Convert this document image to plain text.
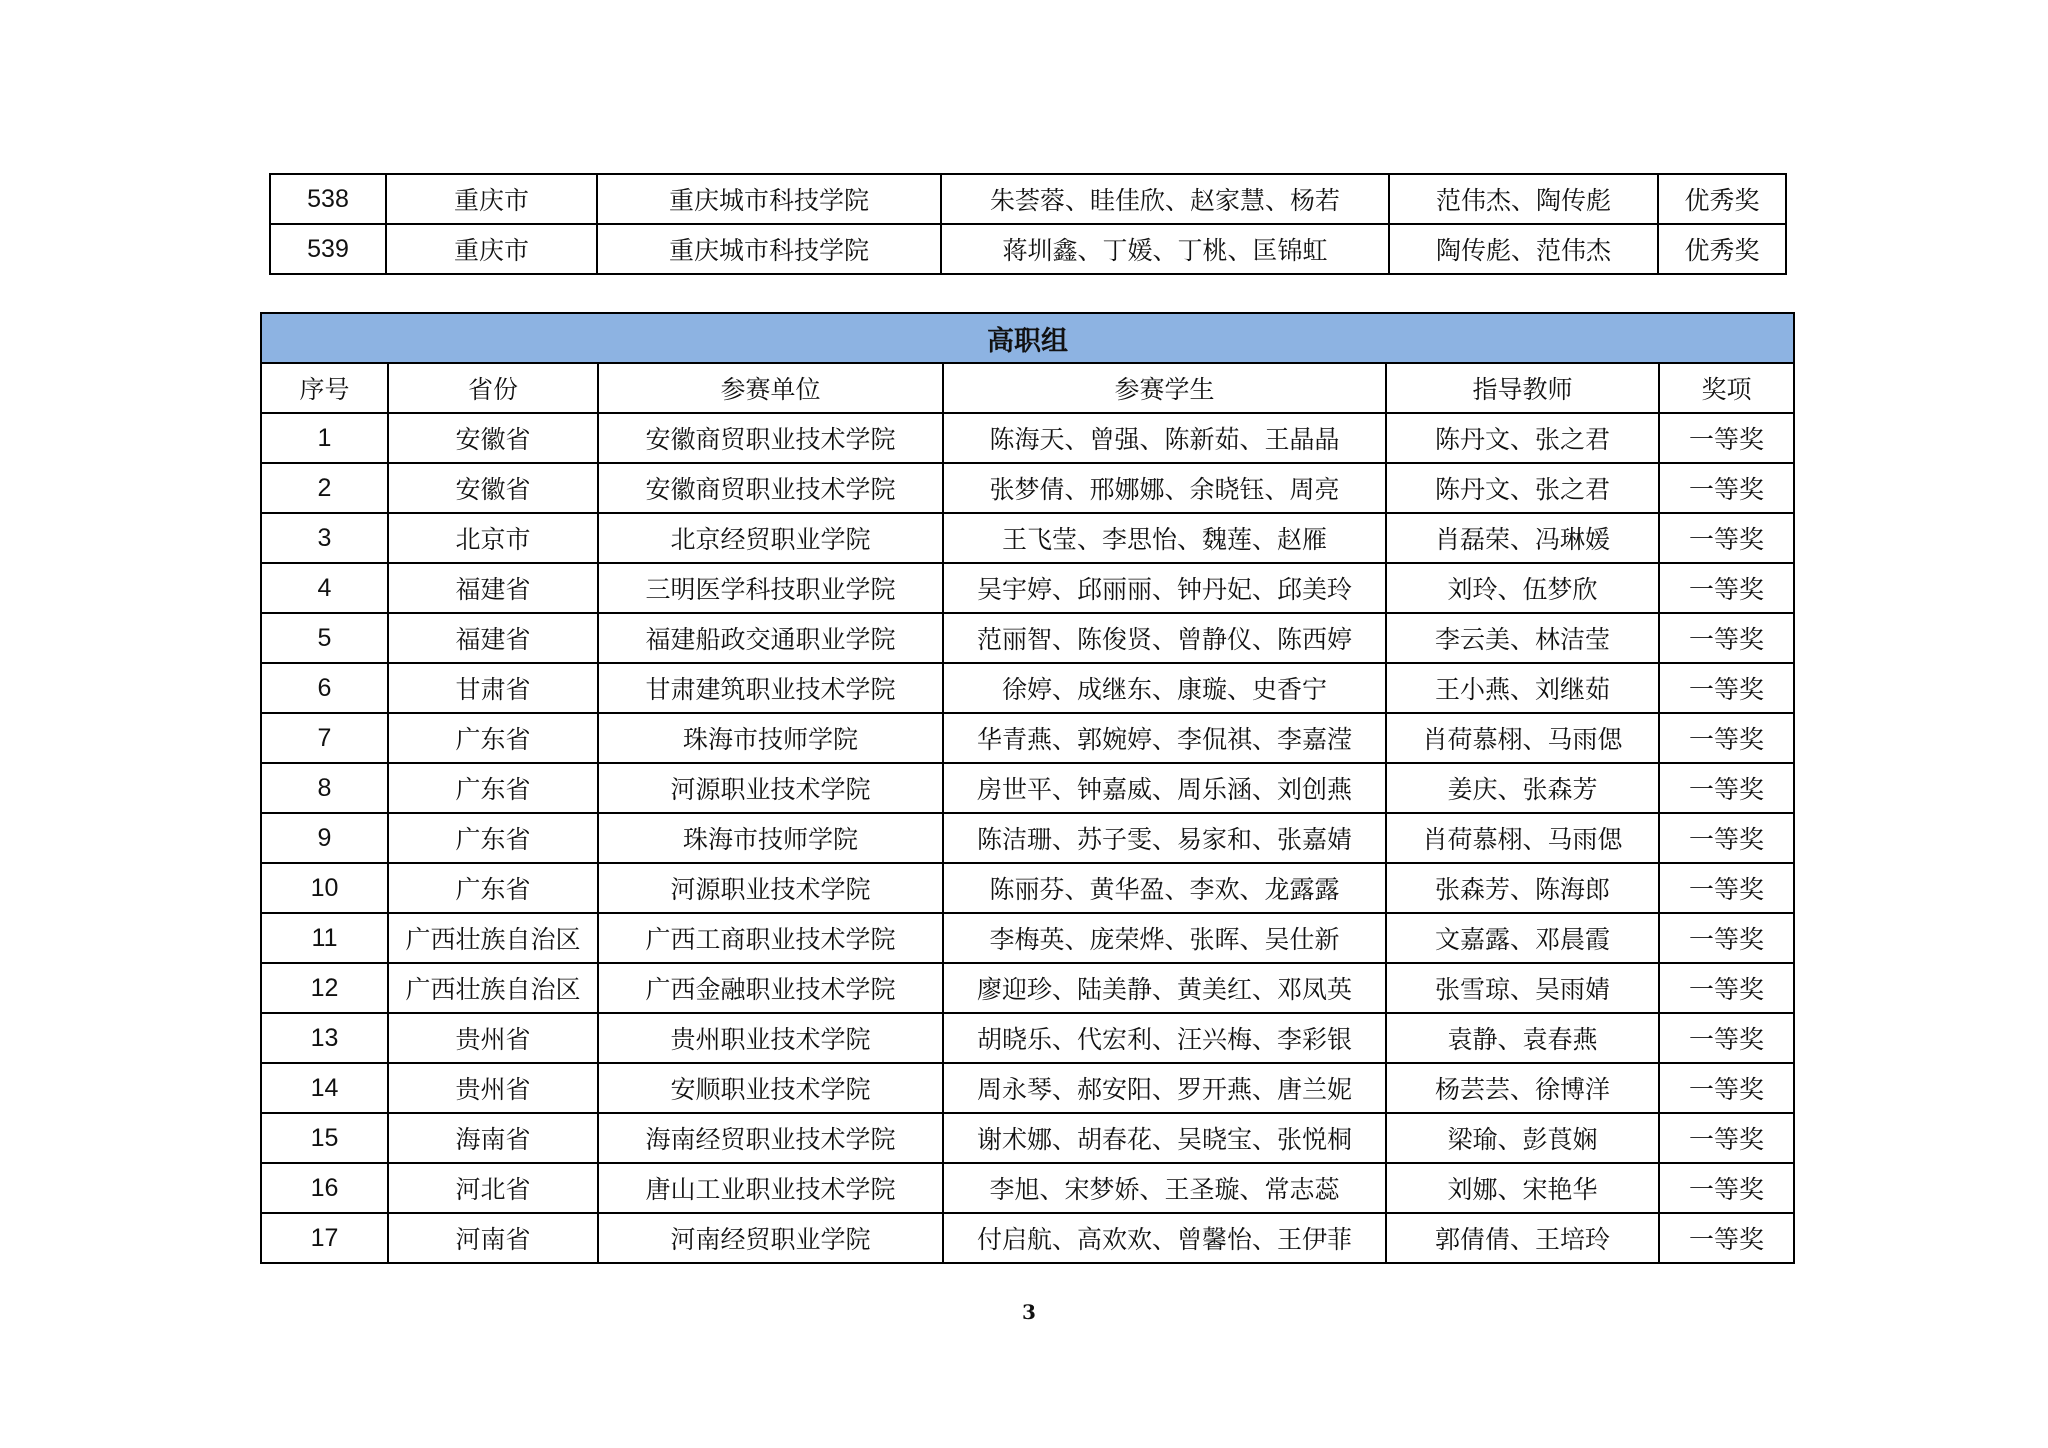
538	重庆市	重庆城市科技学院	朱荟蓉、眭佳欣、赵家慧、杨若	范伟杰、陶传彪	优秀奖
539	重庆市	重庆城市科技学院	蒋圳鑫、丁媛、丁桃、匡锦虹	陶传彪、范伟杰	优秀奖
高职组					
序号	省份	参赛单位	参赛学生	指导教师	奖项
1	安徽省	安徽商贸职业技术学院	陈海天、曾强、陈新茹、王晶晶	陈丹文、张之君	一等奖
2	安徽省	安徽商贸职业技术学院	张梦倩、邢娜娜、余晓钰、周亮	陈丹文、张之君	一等奖
3	北京市	北京经贸职业学院	王飞莹、李思怡、魏莲、赵雁	肖磊荣、冯琳媛	一等奖
4	福建省	三明医学科技职业学院	吴宇婷、邱丽丽、钟丹妃、邱美玲	刘玲、伍梦欣	一等奖
5	福建省	福建船政交通职业学院	范丽智、陈俊贤、曾静仪、陈西婷	李云美、林洁莹	一等奖
6	甘肃省	甘肃建筑职业技术学院	徐婷、成继东、康璇、史香宁	王小燕、刘继茹	一等奖
7	广东省	珠海市技师学院	华青燕、郭婉婷、李侃祺、李嘉滢	肖荷慕栩、马雨偲	一等奖
8	广东省	河源职业技术学院	房世平、钟嘉威、周乐涵、刘创燕	姜庆、张森芳	一等奖
9	广东省	珠海市技师学院	陈洁珊、苏子雯、易家和、张嘉婧	肖荷慕栩、马雨偲	一等奖
10	广东省	河源职业技术学院	陈丽芬、黄华盈、李欢、龙露露	张森芳、陈海郎	一等奖
11	广西壮族自治区	广西工商职业技术学院	李梅英、庞荣烨、张晖、吴仕新	文嘉露、邓晨霞	一等奖
12	广西壮族自治区	广西金融职业技术学院	廖迎珍、陆美静、黄美红、邓凤英	张雪琼、吴雨婧	一等奖
13	贵州省	贵州职业技术学院	胡晓乐、代宏利、汪兴梅、李彩银	袁静、袁春燕	一等奖
14	贵州省	安顺职业技术学院	周永琴、郝安阳、罗开燕、唐兰妮	杨芸芸、徐博洋	一等奖
15	海南省	海南经贸职业技术学院	谢术娜、胡春花、吴晓宝、张悦桐	梁瑜、彭莨娴	一等奖
16	河北省	唐山工业职业技术学院	李旭、宋梦娇、王圣璇、常志蕊	刘娜、宋艳华	一等奖
17	河南省	河南经贸职业学院	付启航、高欢欢、曾馨怡、王伊菲	郭倩倩、王培玲	一等奖
3
